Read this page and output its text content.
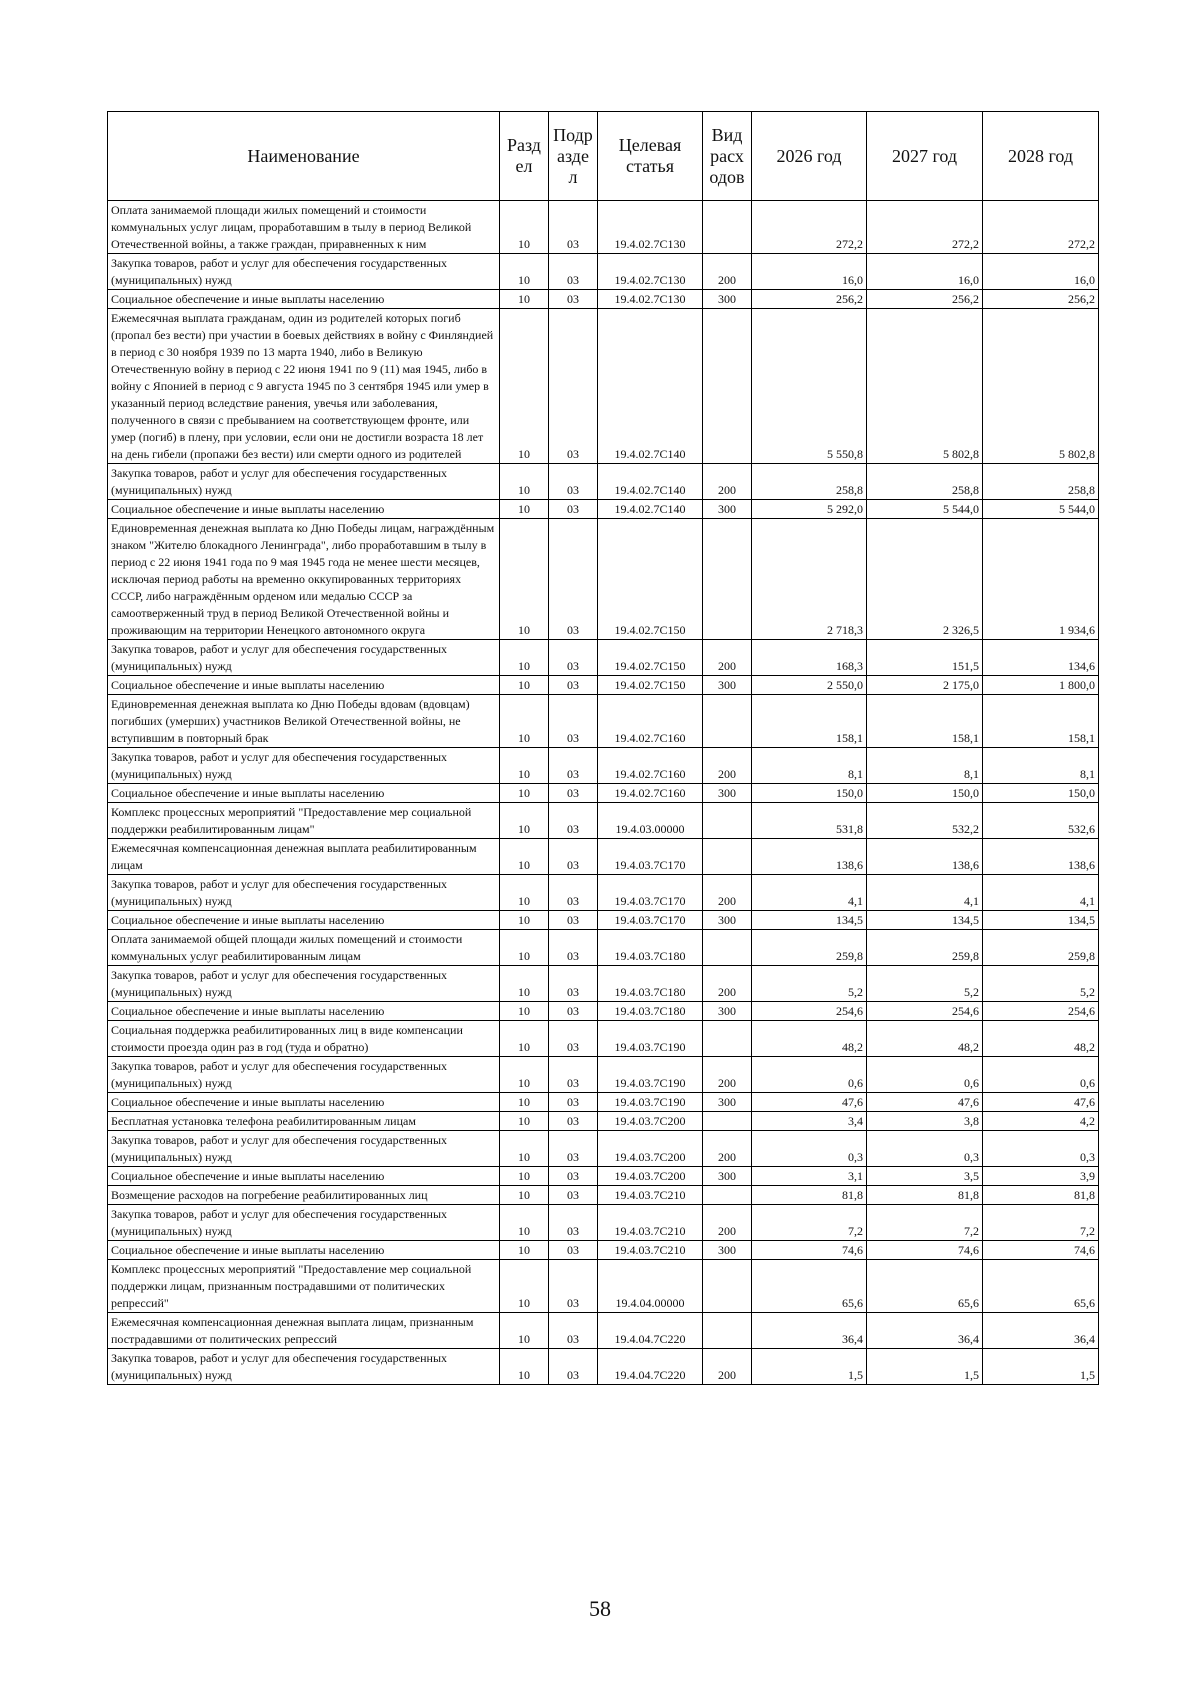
Наименование	Разд ел	Подр азде л	Целевая статья	Вид расх одов	2026 год	2027 год	2028 год
Оплата занимаемой площади жилых помещений и стоимости коммунальных услуг лицам, проработавшим в тылу в период Великой Отечественной войны, а также граждан, приравненных к ним	10	03	19.4.02.7С130		272,2	272,2	272,2
Закупка товаров, работ и услуг для обеспечения государственных (муниципальных) нужд	10	03	19.4.02.7С130	200	16,0	16,0	16,0
Социальное обеспечение и иные выплаты населению	10	03	19.4.02.7С130	300	256,2	256,2	256,2
Ежемесячная выплата гражданам, один из родителей которых погиб (пропал без вести) при участии в боевых действиях в войну с Финляндией в период с 30 ноября 1939 по 13 марта 1940, либо в Великую Отечественную войну в период с 22 июня 1941 по 9 (11) мая 1945, либо в войну с Японией в период с 9 августа 1945 по 3 сентября 1945 или умер в указанный период вследствие ранения, увечья или заболевания, полученного в связи с пребыванием на соответствующем фронте, или умер (погиб) в плену, при условии, если они не достигли возраста 18 лет на день гибели (пропажи без вести) или смерти одного из родителей	10	03	19.4.02.7С140		5 550,8	5 802,8	5 802,8
Закупка товаров, работ и услуг для обеспечения государственных (муниципальных) нужд	10	03	19.4.02.7С140	200	258,8	258,8	258,8
Социальное обеспечение и иные выплаты населению	10	03	19.4.02.7С140	300	5 292,0	5 544,0	5 544,0
Единовременная денежная выплата ко Дню Победы лицам, награждённым знаком "Жителю блокадного Ленинграда", либо проработавшим в тылу в период с 22 июня 1941 года по 9 мая 1945 года не менее шести месяцев, исключая период работы на временно оккупированных территориях СССР, либо награждённым орденом или медалью СССР за самоотверженный труд в период Великой Отечественной войны и проживающим на территории Ненецкого автономного округа	10	03	19.4.02.7С150		2 718,3	2 326,5	1 934,6
Закупка товаров, работ и услуг для обеспечения государственных (муниципальных) нужд	10	03	19.4.02.7С150	200	168,3	151,5	134,6
Социальное обеспечение и иные выплаты населению	10	03	19.4.02.7С150	300	2 550,0	2 175,0	1 800,0
Единовременная денежная выплата ко Дню Победы вдовам (вдовцам) погибших (умерших) участников Великой Отечественной войны, не вступившим в повторный брак	10	03	19.4.02.7С160		158,1	158,1	158,1
Закупка товаров, работ и услуг для обеспечения государственных (муниципальных) нужд	10	03	19.4.02.7С160	200	8,1	8,1	8,1
Социальное обеспечение и иные выплаты населению	10	03	19.4.02.7С160	300	150,0	150,0	150,0
Комплекс процессных мероприятий "Предоставление мер социальной поддержки реабилитированным лицам"	10	03	19.4.03.00000		531,8	532,2	532,6
Ежемесячная компенсационная денежная выплата реабилитированным лицам	10	03	19.4.03.7С170		138,6	138,6	138,6
Закупка товаров, работ и услуг для обеспечения государственных (муниципальных) нужд	10	03	19.4.03.7С170	200	4,1	4,1	4,1
Социальное обеспечение и иные выплаты населению	10	03	19.4.03.7С170	300	134,5	134,5	134,5
Оплата занимаемой общей площади жилых помещений и стоимости коммунальных услуг реабилитированным лицам	10	03	19.4.03.7С180		259,8	259,8	259,8
Закупка товаров, работ и услуг для обеспечения государственных (муниципальных) нужд	10	03	19.4.03.7С180	200	5,2	5,2	5,2
Социальное обеспечение и иные выплаты населению	10	03	19.4.03.7С180	300	254,6	254,6	254,6
Социальная поддержка реабилитированных лиц в виде компенсации стоимости проезда один раз в год (туда и обратно)	10	03	19.4.03.7С190		48,2	48,2	48,2
Закупка товаров, работ и услуг для обеспечения государственных (муниципальных) нужд	10	03	19.4.03.7С190	200	0,6	0,6	0,6
Социальное обеспечение и иные выплаты населению	10	03	19.4.03.7С190	300	47,6	47,6	47,6
Бесплатная установка телефона реабилитированным лицам	10	03	19.4.03.7С200		3,4	3,8	4,2
Закупка товаров, работ и услуг для обеспечения государственных (муниципальных) нужд	10	03	19.4.03.7С200	200	0,3	0,3	0,3
Социальное обеспечение и иные выплаты населению	10	03	19.4.03.7С200	300	3,1	3,5	3,9
Возмещение расходов на погребение реабилитированных лиц	10	03	19.4.03.7С210		81,8	81,8	81,8
Закупка товаров, работ и услуг для обеспечения государственных (муниципальных) нужд	10	03	19.4.03.7С210	200	7,2	7,2	7,2
Социальное обеспечение и иные выплаты населению	10	03	19.4.03.7С210	300	74,6	74,6	74,6
Комплекс процессных мероприятий "Предоставление мер социальной поддержки лицам, признанным пострадавшими от политических репрессий"	10	03	19.4.04.00000		65,6	65,6	65,6
Ежемесячная компенсационная денежная выплата лицам, признанным пострадавшими от политических репрессий	10	03	19.4.04.7С220		36,4	36,4	36,4
Закупка товаров, работ и услуг для обеспечения государственных (муниципальных) нужд	10	03	19.4.04.7С220	200	1,5	1,5	1,5
58
